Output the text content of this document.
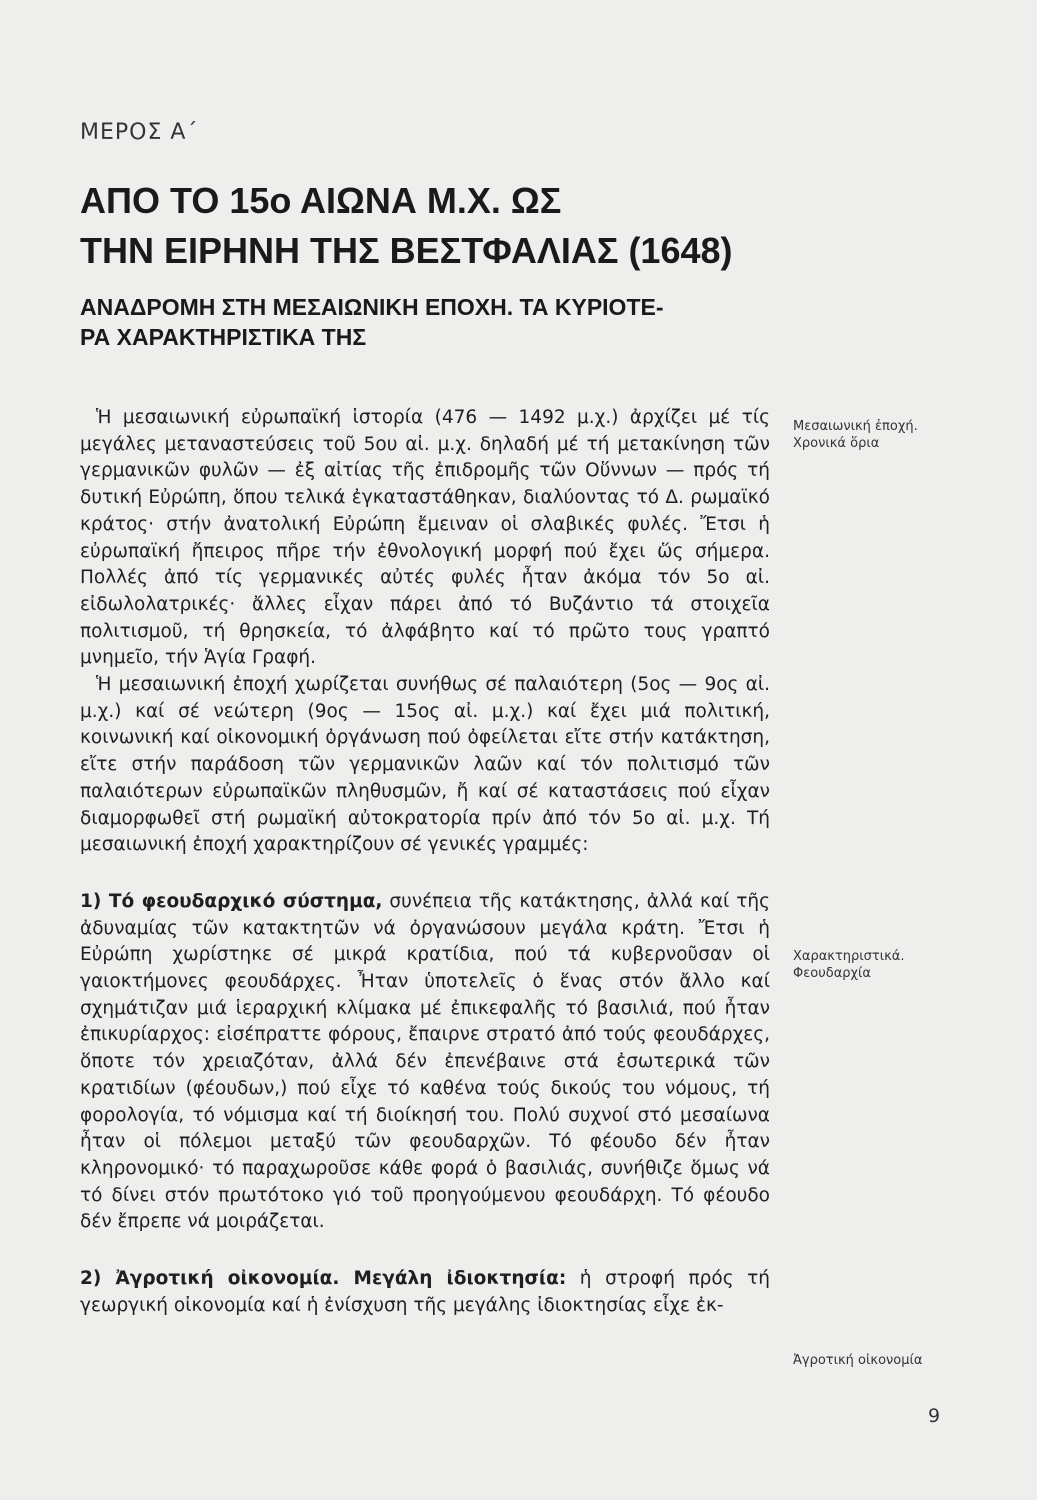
ΜΕΡΟΣ Α΄
ΑΠΟ ΤΟ 15ο ΑΙΩΝΑ Μ.Χ. ΩΣ
ΤΗΝ ΕΙΡΗΝΗ ΤΗΣ ΒΕΣΤΦΑΛΙΑΣ (1648)
ΑΝΑΔΡΟΜΗ ΣΤΗ ΜΕΣΑΙΩΝΙΚΗ ΕΠΟΧΗ. ΤΑ ΚΥΡΙΟΤΕ-
ΡΑ ΧΑΡΑΚΤΗΡΙΣΤΙΚΑ ΤΗΣ

Ἡ μεσαιωνική εὐρωπαϊκή ἱστορία (476 — 1492 μ.χ.) ἀρχίζει μέ τίς μεγάλες μεταναστεύσεις τοῦ 5ου αἰ. μ.χ. δηλαδή μέ τή μετακίνηση τῶν γερμανικῶν φυλῶν — ἐξ αἰτίας τῆς ἐπιδρομῆς τῶν Οὕννων — πρός τή δυτική Εὐρώπη, ὅπου τελικά ἐγκαταστάθηκαν, διαλύοντας τό Δ. ρωμαϊκό κράτος· στήν ἀνατολική Εὐρώπη ἔμειναν οἱ σλαβικές φυλές. Ἔτσι ἡ εὐρωπαϊκή ἤπειρος πῆρε τήν ἐθνολογική μορφή πού ἔχει ὥς σήμερα. Πολλές ἀπό τίς γερμανικές αὐτές φυλές ἦταν ἀκόμα τόν 5ο αἰ. εἰδωλολατρικές· ἄλλες εἶχαν πάρει ἀπό τό Βυζάντιο τά στοιχεῖα πολιτισμοῦ, τή θρησκεία, τό ἀλφάβητο καί τό πρῶτο τους γραπτό μνημεῖο, τήν Ἁγία Γραφή.

Ἡ μεσαιωνική ἐποχή χωρίζεται συνήθως σέ παλαιότερη (5ος — 9ος αἰ. μ.χ.) καί σέ νεώτερη (9ος — 15ος αἰ. μ.χ.) καί ἔχει μιά πολιτική, κοινωνική καί οἰκονομική ὀργάνωση πού ὀφείλεται εἴτε στήν κατάκτηση, εἴτε στήν παράδοση τῶν γερμανικῶν λαῶν καί τόν πολιτισμό τῶν παλαιότερων εὐρωπαϊκῶν πληθυσμῶν, ἤ καί σέ καταστάσεις πού εἶχαν διαμορφωθεῖ στή ρωμαϊκή αὐτοκρατορία πρίν ἀπό τόν 5ο αἰ. μ.χ. Τή μεσαιωνική ἐποχή χαρακτηρίζουν σέ γενικές γραμμές:

1) Τό φεουδαρχικό σύστημα, συνέπεια τῆς κατάκτησης, ἀλλά καί τῆς ἀδυναμίας τῶν κατακτητῶν νά ὀργανώσουν μεγάλα κράτη. Ἔτσι ἡ Εὐρώπη χωρίστηκε σέ μικρά κρατίδια, πού τά κυβερνοῦσαν οἱ γαιοκτήμονες φεουδάρχες. Ἦταν ὑποτελεῖς ὁ ἕνας στόν ἄλλο καί σχημάτιζαν μιά ἱεραρχική κλίμακα μέ ἐπικεφαλῆς τό βασιλιά, πού ἦταν ἐπικυρίαρχος: εἰσέπραττε φόρους, ἔπαιρνε στρατό ἀπό τούς φεουδάρχες, ὅποτε τόν χρειαζόταν, ἀλλά δέν ἐπενέβαινε στά ἐσωτερικά τῶν κρατιδίων (φέουδων,) πού εἶχε τό καθένα τούς δικούς του νόμους, τή φορολογία, τό νόμισμα καί τή διοίκησή του. Πολύ συχνοί στό μεσαίωνα ἦταν οἱ πόλεμοι μεταξύ τῶν φεουδαρχῶν. Τό φέουδο δέν ἦταν κληρονομικό· τό παραχωροῦσε κάθε φορά ὁ βασιλιάς, συνήθιζε ὅμως νά τό δίνει στόν πρωτότοκο γιό τοῦ προηγούμενου φεουδάρχη. Τό φέουδο δέν ἔπρεπε νά μοιράζεται.

2) Ἀγροτική οἰκονομία. Μεγάλη ἰδιοκτησία: ἡ στροφή πρός τή γεωργική οἰκονομία καί ἡ ἐνίσχυση τῆς μεγάλης ἰδιοκτησίας εἶχε ἐκ-

Μεσαιωνική ἐποχή.
Χρονικά ὅρια
Χαρακτηριστικά.
Φεουδαρχία
Ἀγροτική οἰκονομία
9
